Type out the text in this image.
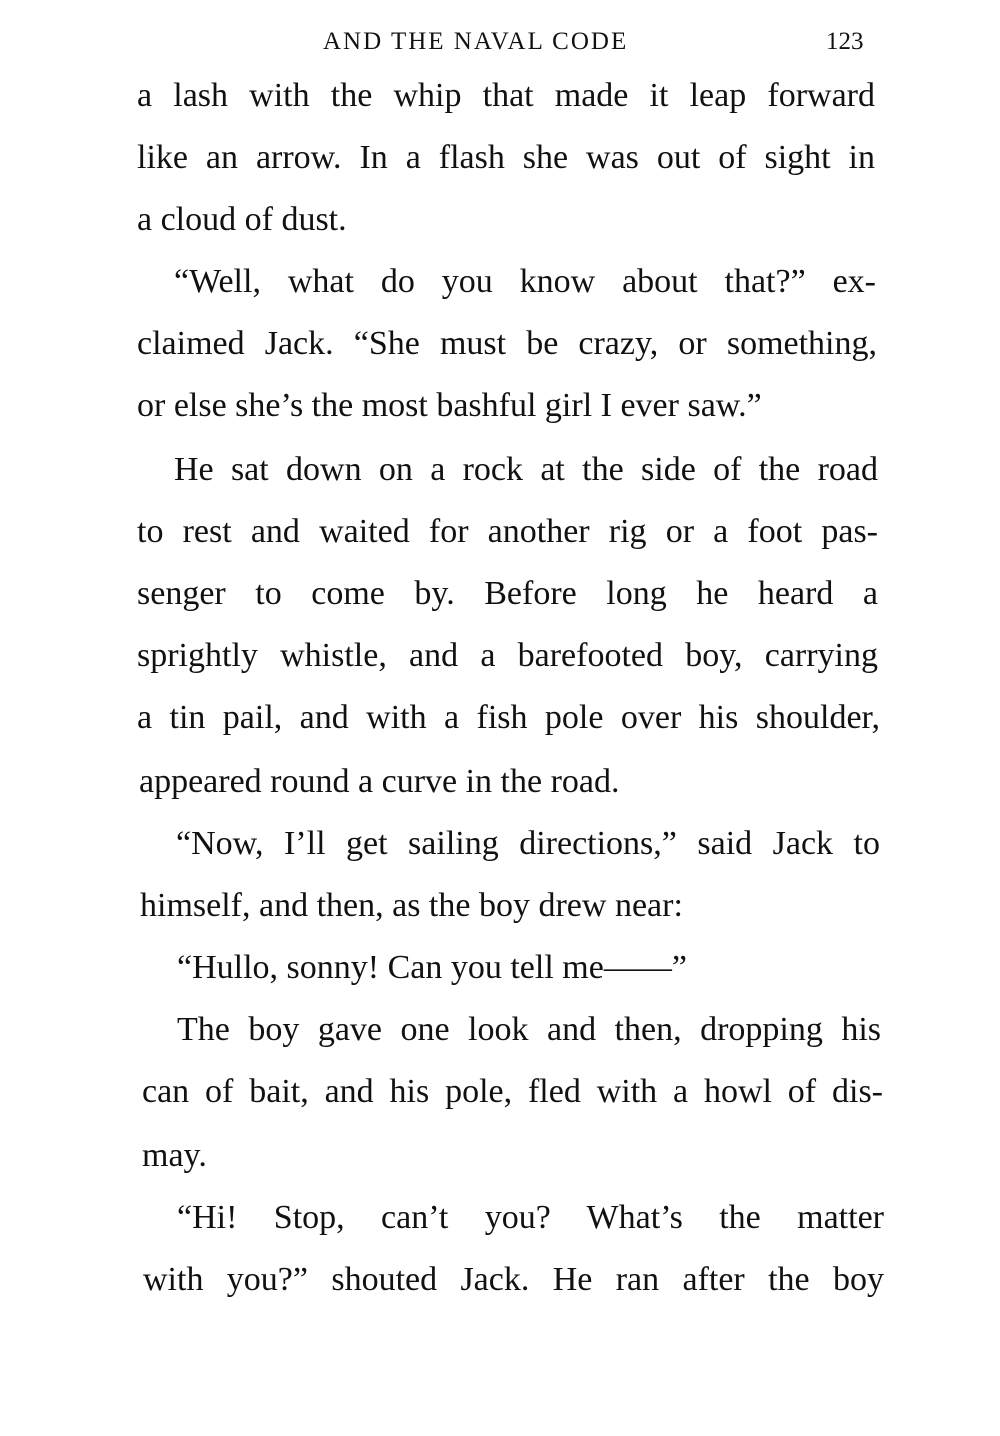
AND THE NAVAL CODE	123
a lash with the whip that made it leap forward
like an arrow. In a flash she was out of sight in
a cloud of dust.
“Well, what do you know about that?” ex-
claimed Jack. “She must be crazy, or something,
or else she’s the most bashful girl I ever saw.”
He sat down on a rock at the side of the road
to rest and waited for another rig or a foot pas-
senger to come by. Before long he heard a
sprightly whistle, and a barefooted boy, carrying
a tin pail, and with a fish pole over his shoulder,
appeared round a curve in the road.
“Now, I’ll get sailing directions,” said Jack to
himself, and then, as the boy drew near:
“Hullo, sonny! Can you tell me——”
The boy gave one look and then, dropping his
can of bait, and his pole, fled with a howl of dis-
may.
“Hi! Stop, can’t you? What’s the matter
with you?” shouted Jack. He ran after the boy
